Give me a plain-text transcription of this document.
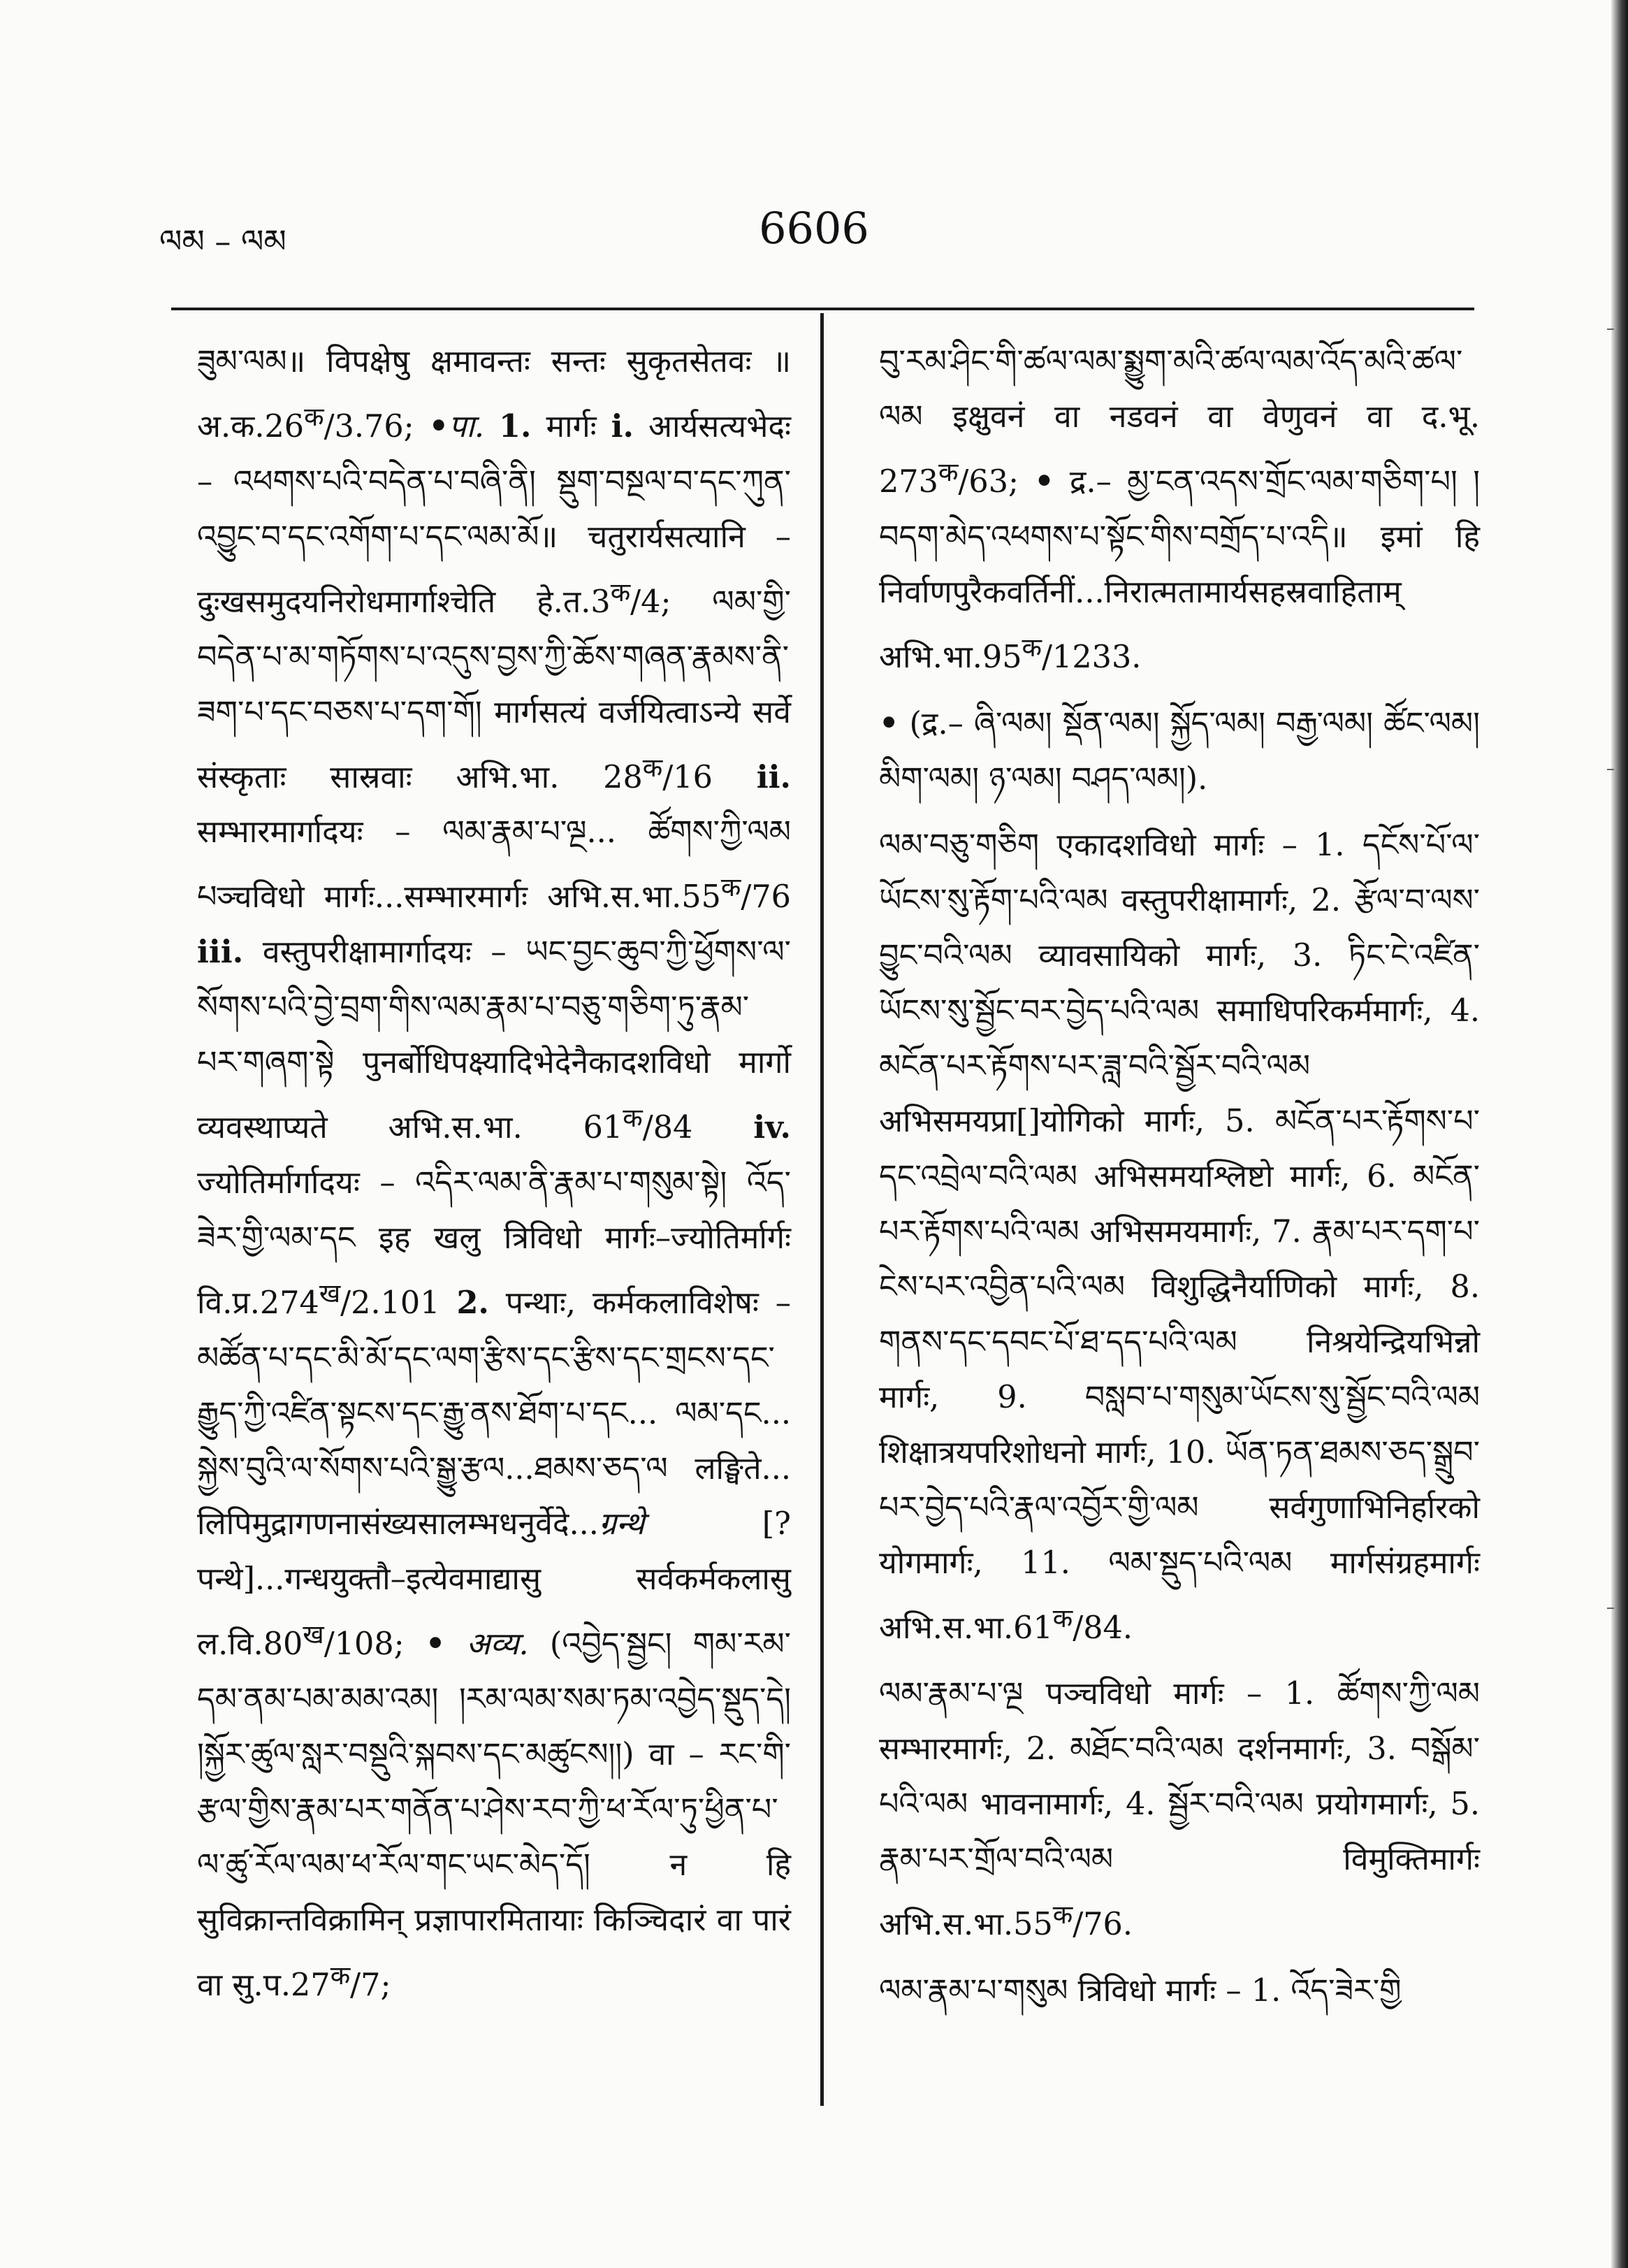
ལམ – ལམ	6606

ཟུམ་ལམ॥ विपक्षेषु क्षमावन्तः सन्तः सुकृतसेतवः ॥ $अ.क.26^क/3.76$; •पा. 1. मार्गः i. आर्यसत्यभेदः – འཕགས་པའི་བདེན་པ་བཞི་ནི། སྡུག་བསྔལ་བ་དང་ཀུན་འབྱུང་བ་དང་འགོག་པ་དང་ལམ་མོ॥ चतुरार्यसत्यानि – दुःखसमुदयनिरोधमार्गाश्चेति $हे.त.3^क/4$; ལམ་གྱི་བདེན་པ་མ་གཏོགས་པ་འདུས་བྱས་ཀྱི་ཆོས་གཞན་རྣམས་ནི་ཟག་པ་དང་བཅས་པ་དག་གོ། मार्गसत्यं वर्जयित्वाऽन्ये सर्वे संस्कृताः सास्रवाः अभि.भा. $28^क/16$ ii. सम्भारमार्गादयः – ལམ་རྣམ་པ་ལྔ... ཚོགས་ཀྱི་ལམ པञ्चविधो मार्गः...सम्भारमार्गः $अभि.स.भा.55^क/76$ iii. वस्तुपरीक्षामार्गादयः – ཡང་བྱང་ཆུབ་ཀྱི་ཕྱོགས་ལ་སོགས་པའི་བྱེ་བྲག་གིས་ལམ་རྣམ་པ་བཅུ་གཅིག་ཏུ་རྣམ་པར་གཞག་སྟེ पुनर्बोधिपक्ष्यादिभेदेनैकादशविधो मार्गो व्यवस्थाप्यते अभि.स.भा. $61^क/84$ iv. ज्योतिर्मार्गादयः – འདིར་ལམ་ནི་རྣམ་པ་གསུམ་སྟེ། འོད་ཟེར་གྱི་ལམ་དང इह खलु त्रिविधो मार्गः–ज्योतिर्मार्गः $वि.प्र.274^ख/2.101$ 2. पन्थाः, कर्मकलाविशेषः – མཚོན་པ་དང་མི་མོ་དང་ལག་རྩིས་དང་རྩིས་དང་གྲངས་དང་རྒྱུད་ཀྱི་འཛིན་སྟངས་དང་རྒྱུ་ནས་ཐོག་པ་དང... ལམ་དང... སྐྱེས་བུའི་ལ་སོགས་པའི་སྒྱུ་རྩལ...ཐམས་ཅད་ལ लङ्घिते... लिपिमुद्रागणनासंख्यसालम्भधनुर्वेदे...ग्रन्थे [? पन्थे]...गन्धयुक्तौ–इत्येवमाद्यासु सर्वकर्मकलासु $ल.वि.80^ख/108$; • अव्य. (འབྱེད་སྦྱང། གམ་རམ་དམ་ནམ་པམ་མམ་འམ། །རམ་ལམ་སམ་ཏམ་འབྱེད་སྡུད་དེ། །སྐྱོར་ཚུལ་སླར་བསྡུའི་སྐབས་དང་མཚུངས།།) वा – རང་གི་རྩལ་གྱིས་རྣམ་པར་གནོན་པ་ཤེས་རབ་ཀྱི་ཕ་རོལ་ཏུ་ཕྱིན་པ་ལ་ཚུ་རོལ་ལམ་ཕ་རོལ་གང་ཡང་མེད་དོ། न हि सुविक्रान्तविक्रामिन् प्रज्ञापारमितायाः किञ्चिदारं वा पारं वा $सु.प.27^क/7$;

བུ་རམ་ཤིང་གི་ཚལ་ལམ་སྨྱུག་མའི་ཚལ་ལམ་འོད་མའི་ཚལ་ལམ इक्षुवनं वा नडवनं वा वेणुवनं वा द.भू. $273^क/63$; • द्र.– མྱ་ངན་འདས་གྲོང་ལམ་གཅིག་པ། །བདག་མེད་འཕགས་པ་སྟོང་གིས་བགྲོད་པ་འདི॥ इमां हि निर्वाणपुरैकवर्तिनीं...निरात्मतामार्यसहस्रवाहिताम् $अभि.भा.95^क/1233$.

• (द्र.– ཞི་ལམ། སྡོན་ལམ། སྐྱོད་ལམ། བརྒྱ་ལམ། ཚོང་ལམ། མིག་ལམ། ཉ་ལམ། བཤད་ལམ།).

ལམ་བཅུ་གཅིག एकादशविधो मार्गः – 1. དངོས་པོ་ལ་ཡོངས་སུ་རྟོག་པའི་ལམ वस्तुपरीक्षामार्गः, 2. རྩོལ་བ་ལས་བྱུང་བའི་ལམ व्यावसायिको मार्गः, 3. ཏིང་ངེ་འཛིན་ཡོངས་སུ་སྦྱོང་བར་བྱེད་པའི་ལམ समाधिपरिकर्ममार्गः, 4. མངོན་པར་རྟོགས་པར་ཟླ་བའི་སྦྱོར་བའི་ལམ अभिसमयप्रा[]योगिको मार्गः, 5. མངོན་པར་རྟོགས་པ་དང་འབྲེལ་བའི་ལམ अभिसमयश्लिष्टो मार्गः, 6. མངོན་པར་རྟོགས་པའི་ལམ अभिसमयमार्गः, 7. རྣམ་པར་དག་པ་ངེས་པར་འབྱིན་པའི་ལམ विशुद्धिनैर्याणिको मार्गः, 8. གནས་དང་དབང་པོ་ཐ་དད་པའི་ལམ निश्रयेन्द्रियभिन्नो मार्गः, 9. བསླབ་པ་གསུམ་ཡོངས་སུ་སྦྱོང་བའི་ལམ शिक्षात्रयपरिशोधनो मार्गः, 10. ཡོན་ཏན་ཐམས་ཅད་སྒྲུབ་པར་བྱེད་པའི་རྣལ་འབྱོར་གྱི་ལམ सर्वगुणाभिनिर्हारको योगमार्गः, 11. ལམ་སྡུད་པའི་ལམ मार्गसंग्रहमार्गः $अभि.स.भा.61^क/84$.

ལམ་རྣམ་པ་ལྔ पञ्चविधो मार्गः – 1. ཚོགས་ཀྱི་ལམ सम्भारमार्गः, 2. མཐོང་བའི་ལམ दर्शनमार्गः, 3. བསྒོམ་པའི་ལམ भावनामार्गः, 4. སྦྱོར་བའི་ལམ प्रयोगमार्गः, 5. རྣམ་པར་གྲོལ་བའི་ལམ विमुक्तिमार्गः $अभि.स.भा.55^क/76$.

ལམ་རྣམ་པ་གསུམ त्रिविधो मार्गः – 1. འོད་ཟེར་གྱི
